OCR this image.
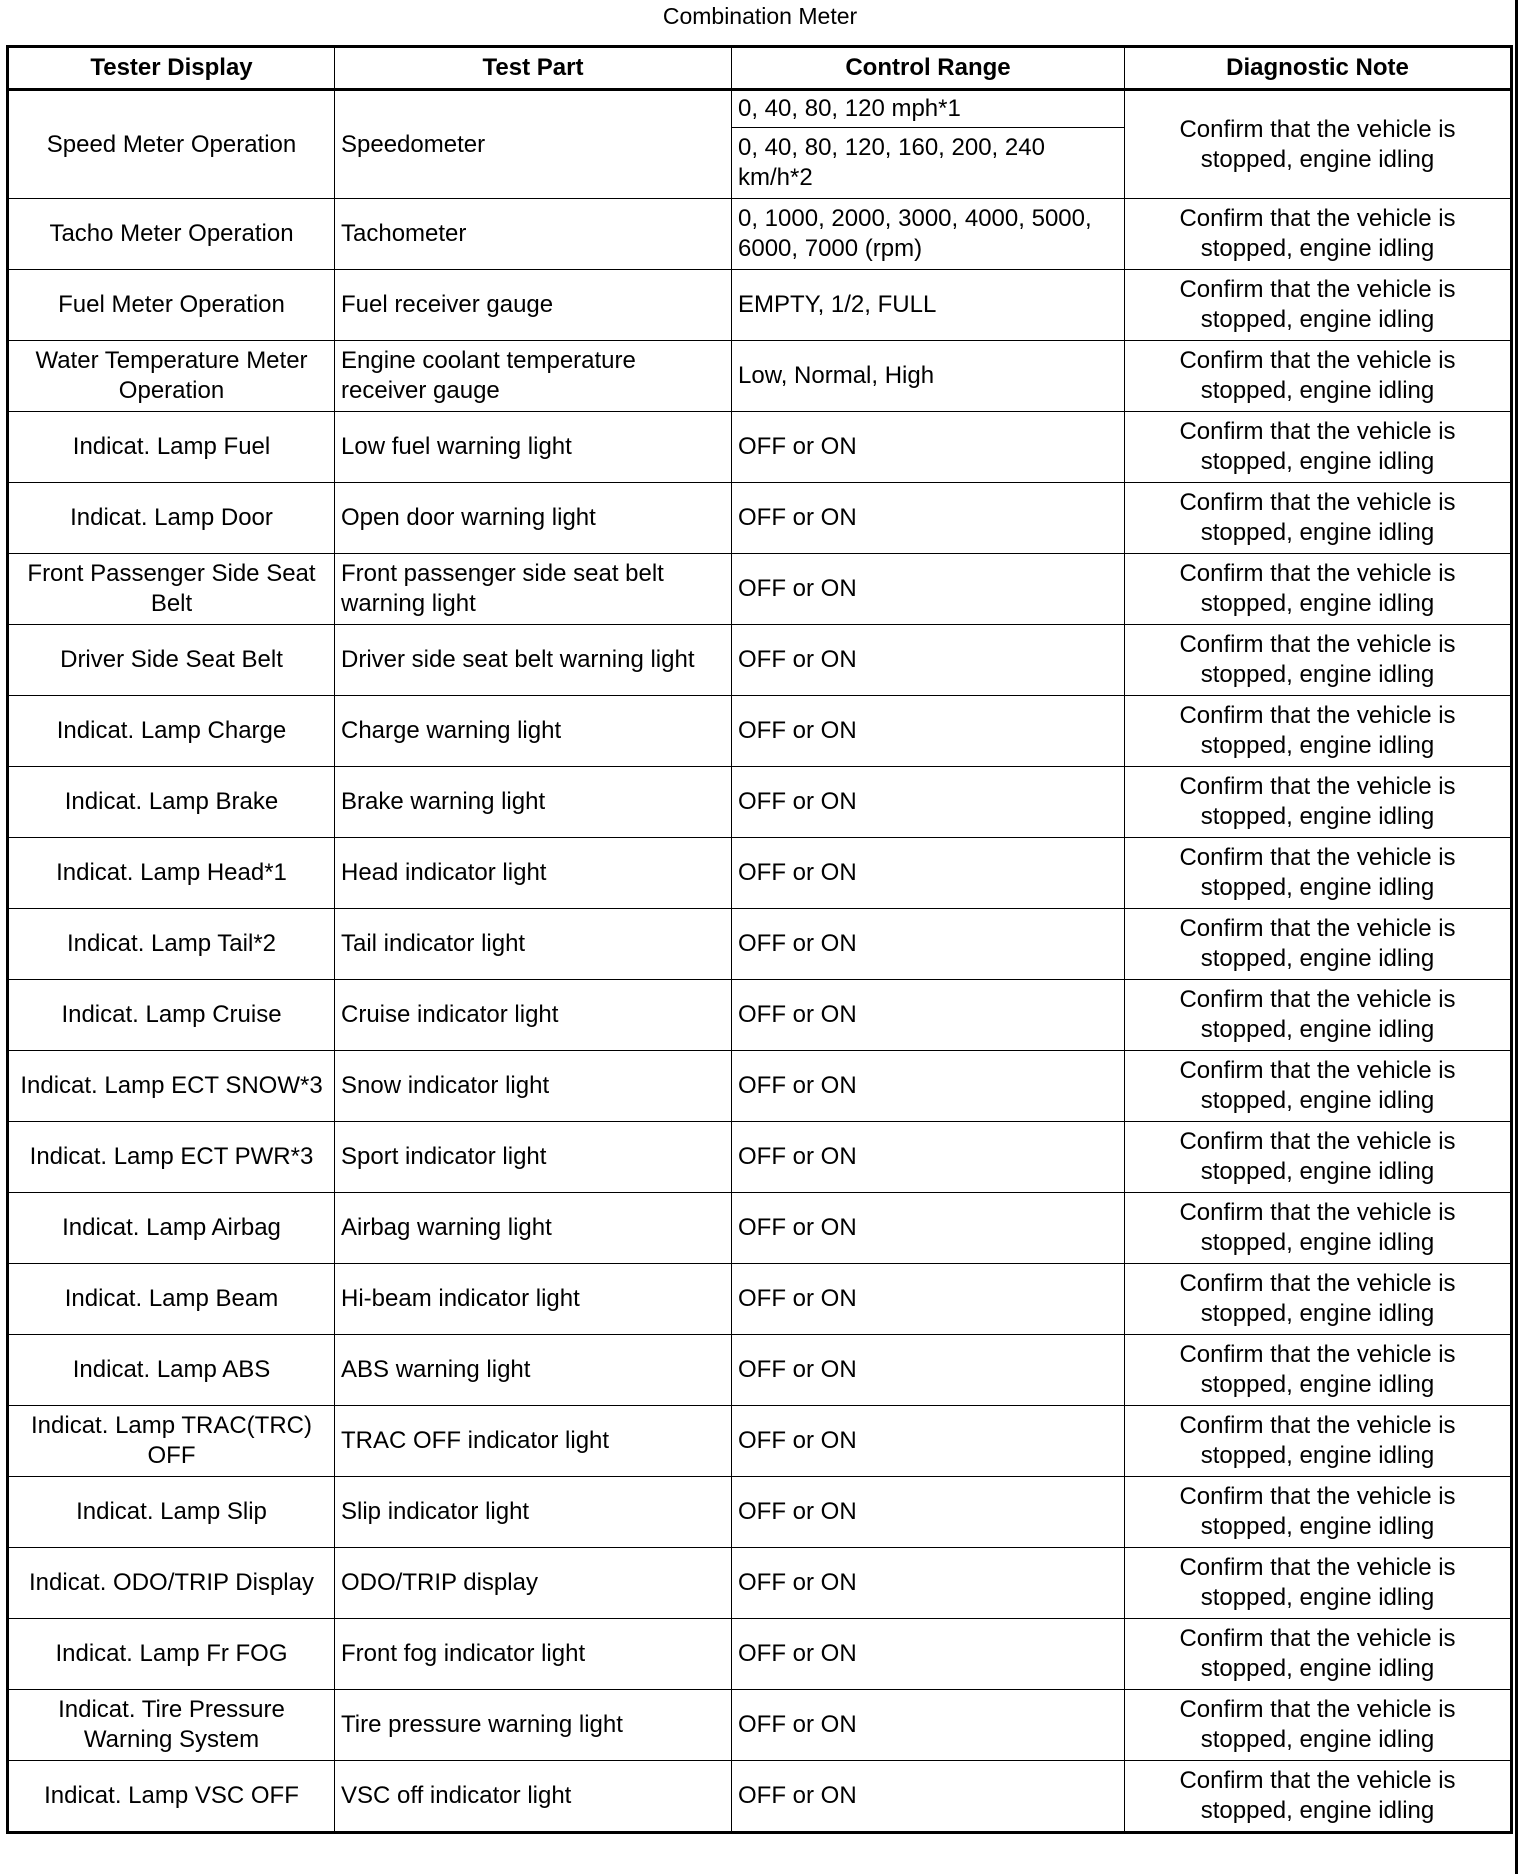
Combination Meter
Tester Display	Test Part	Control Range	Diagnostic Note
Speed Meter Operation	Speedometer	0, 40, 80, 120 mph*1	Confirm that the vehicle is stopped, engine idling
		0, 40, 80, 120, 160, 200, 240 km/h*2	
Tacho Meter Operation	Tachometer	0, 1000, 2000, 3000, 4000, 5000, 6000, 7000 (rpm)	Confirm that the vehicle is stopped, engine idling
Fuel Meter Operation	Fuel receiver gauge	EMPTY, 1/2, FULL	Confirm that the vehicle is stopped, engine idling
Water Temperature Meter Operation	Engine coolant temperature receiver gauge	Low, Normal, High	Confirm that the vehicle is stopped, engine idling
Indicat. Lamp Fuel	Low fuel warning light	OFF or ON	Confirm that the vehicle is stopped, engine idling
Indicat. Lamp Door	Open door warning light	OFF or ON	Confirm that the vehicle is stopped, engine idling
Front Passenger Side Seat Belt	Front passenger side seat belt warning light	OFF or ON	Confirm that the vehicle is stopped, engine idling
Driver Side Seat Belt	Driver side seat belt warning light	OFF or ON	Confirm that the vehicle is stopped, engine idling
Indicat. Lamp Charge	Charge warning light	OFF or ON	Confirm that the vehicle is stopped, engine idling
Indicat. Lamp Brake	Brake warning light	OFF or ON	Confirm that the vehicle is stopped, engine idling
Indicat. Lamp Head*1	Head indicator light	OFF or ON	Confirm that the vehicle is stopped, engine idling
Indicat. Lamp Tail*2	Tail indicator light	OFF or ON	Confirm that the vehicle is stopped, engine idling
Indicat. Lamp Cruise	Cruise indicator light	OFF or ON	Confirm that the vehicle is stopped, engine idling
Indicat. Lamp ECT SNOW*3	Snow indicator light	OFF or ON	Confirm that the vehicle is stopped, engine idling
Indicat. Lamp ECT PWR*3	Sport indicator light	OFF or ON	Confirm that the vehicle is stopped, engine idling
Indicat. Lamp Airbag	Airbag warning light	OFF or ON	Confirm that the vehicle is stopped, engine idling
Indicat. Lamp Beam	Hi-beam indicator light	OFF or ON	Confirm that the vehicle is stopped, engine idling
Indicat. Lamp ABS	ABS warning light	OFF or ON	Confirm that the vehicle is stopped, engine idling
Indicat. Lamp TRAC(TRC) OFF	TRAC OFF indicator light	OFF or ON	Confirm that the vehicle is stopped, engine idling
Indicat. Lamp Slip	Slip indicator light	OFF or ON	Confirm that the vehicle is stopped, engine idling
Indicat. ODO/TRIP Display	ODO/TRIP display	OFF or ON	Confirm that the vehicle is stopped, engine idling
Indicat. Lamp Fr FOG	Front fog indicator light	OFF or ON	Confirm that the vehicle is stopped, engine idling
Indicat. Tire Pressure Warning System	Tire pressure warning light	OFF or ON	Confirm that the vehicle is stopped, engine idling
Indicat. Lamp VSC OFF	VSC off indicator light	OFF or ON	Confirm that the vehicle is stopped, engine idling
